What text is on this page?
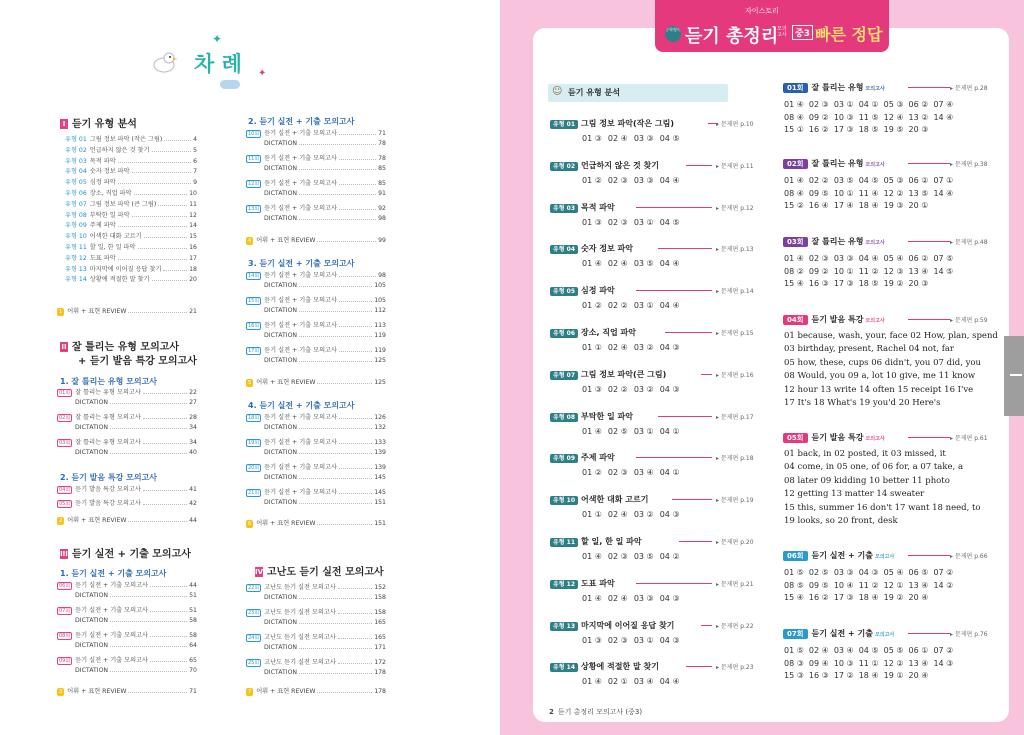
✦
✦
차 례
I 듣기 유형 분석
II 잘 틀리는 유형 모의고사
+ 듣기 발음 특강 모의고사
1. 잘 틀리는 유형 모의고사
2. 듣기 발음 특강 모의고사
III 듣기 실전 + 기출 모의고사
1. 듣기 실전 + 기출 모의고사
2. 듣기 실전 + 기출 모의고사
3. 듣기 실전 + 기출 모의고사
4. 듣기 실전 + 기출 모의고사
IV 고난도 듣기 실전 모의고사
유형 01 그림 정보 파악 (작은 그림)	4
유형 02 언급하지 않은 것 찾기	5
유형 03 목적 파악	6
유형 04 숫자 정보 파악	7
유형 05 심정 파악	9
유형 06 장소, 직업 파악	10
유형 07 그림 정보 파악 (큰 그림)	11
유형 08 부탁한 일 파악	12
유형 09 주제 파악	14
유형 10 어색한 대화 고르기	15
유형 11 할 일, 한 일 파악	16
유형 12 도표 파악	17
유형 13 마지막에 이어질 응답 찾기	18
유형 14 상황에 적절한 말 찾기	20
1 어휘 + 표현 REVIEW	21
01회 잘 틀리는 유형 모의고사	22
DICTATION	27
02회 잘 틀리는 유형 모의고사	28
DICTATION	34
03회 잘 틀리는 유형 모의고사	34
DICTATION	40
04회 듣기 발음 특강 모의고사	41
05회 듣기 발음 특강 모의고사	42
2 어휘 + 표현 REVIEW	44
06회 듣기 실전 + 기출 모의고사	44
DICTATION	51
07회 듣기 실전 + 기출 모의고사	51
DICTATION	58
08회 듣기 실전 + 기출 모의고사	58
DICTATION	64
09회 듣기 실전 + 기출 모의고사	65
DICTATION	70
3 어휘 + 표현 REVIEW	71
10회 듣기 실전 + 기출 모의고사	71
DICTATION	78
11회 듣기 실전 + 기출 모의고사	78
DICTATION	85
12회 듣기 실전 + 기출 모의고사	85
DICTATION	91
13회 듣기 실전 + 기출 모의고사	92
DICTATION	98
4 어휘 + 표현 REVIEW	99
14회 듣기 실전 + 기출 모의고사	98
DICTATION	105
15회 듣기 실전 + 기출 모의고사	105
DICTATION	112
16회 듣기 실전 + 기출 모의고사	113
DICTATION	119
17회 듣기 실전 + 기출 모의고사	119
DICTATION	125
5 어휘 + 표현 REVIEW	125
18회 듣기 실전 + 기출 모의고사	126
DICTATION	132
19회 듣기 실전 + 기출 모의고사	133
DICTATION	139
20회 듣기 실전 + 기출 모의고사	139
DICTATION	145
21회 듣기 실전 + 기출 모의고사	145
DICTATION	151
6 어휘 + 표현 REVIEW	151
22회 고난도 듣기 실전 모의고사	152
DICTATION	158
23회 고난도 듣기 실전 모의고사	158
DICTATION	165
24회 고난도 듣기 실전 모의고사	165
DICTATION	171
25회 고난도 듣기 실전 모의고사	172
DICTATION	178
7 어휘 + 표현 REVIEW	178
자이스토리
중학영어 듣기 총정리
모의고사 중3 빠른 정답
☺ 듣기 유형 분석
유형 01 그림 정보 파악(작은 그림)	▸ 문제편 p.10
01 ③ 02 ④ 03 ③ 04 ⑤
유형 02 언급하지 않은 것 찾기	▸ 문제편 p.11
01 ② 02 ③ 03 ③ 04 ④
유형 03 목적 파악	▸ 문제편 p.12
01 ③ 02 ③ 03 ① 04 ⑤
유형 04 숫자 정보 파악	▸ 문제편 p.13
01 ④ 02 ④ 03 ⑤ 04 ④
유형 05 심정 파악	▸ 문제편 p.14
01 ② 02 ② 03 ① 04 ④
유형 06 장소, 직업 파악	▸ 문제편 p.15
01 ① 02 ④ 03 ② 04 ③
유형 07 그림 정보 파악(큰 그림)	▸ 문제편 p.16
01 ③ 02 ② 03 ② 04 ③
유형 08 부탁한 일 파악	▸ 문제편 p.17
01 ④ 02 ⑤ 03 ① 04 ①
유형 09 주제 파악	▸ 문제편 p.18
01 ② 02 ③ 03 ④ 04 ①
유형 10 어색한 대화 고르기	▸ 문제편 p.19
01 ① 02 ④ 03 ② 04 ③
유형 11 할 일, 한 일 파악	▸ 문제편 p.20
01 ④ 02 ③ 03 ⑤ 04 ②
유형 12 도표 파악	▸ 문제편 p.21
01 ④ 02 ④ 03 ③ 04 ③
유형 13 마지막에 이어질 응답 찾기	▸ 문제편 p.22
01 ③ 02 ③ 03 ① 04 ③
유형 14 상황에 적절한 말 찾기	▸ 문제편 p.23
01 ④ 02 ① 03 ④ 04 ④
01회 잘 틀리는 유형 모의고사	▸ 문제편 p.28
01 ④ 02 ③ 03 ① 04 ① 05 ③ 06 ② 07 ④
08 ④ 09 ② 10 ③ 11 ⑤ 12 ④ 13 ② 14 ④
15 ① 16 ② 17 ③ 18 ⑤ 19 ⑤ 20 ③
02회 잘 틀리는 유형 모의고사	▸ 문제편 p.38
01 ④ 02 ② 03 ⑤ 04 ⑤ 05 ③ 06 ② 07 ①
08 ④ 09 ⑤ 10 ① 11 ④ 12 ② 13 ⑤ 14 ④
15 ② 16 ④ 17 ④ 18 ④ 19 ③ 20 ①
03회 잘 틀리는 유형 모의고사	▸ 문제편 p.48
01 ④ 02 ③ 03 ③ 04 ④ 05 ④ 06 ② 07 ⑤
08 ② 09 ② 10 ① 11 ② 12 ③ 13 ④ 14 ⑤
15 ④ 16 ③ 17 ③ 18 ⑤ 19 ② 20 ③
04회 듣기 발음 특강 모의고사	▸ 문제편 p.59
01 because, wash, your, face 02 How, plan, spend
03 birthday, present, Rachel 04 not, far
05 how, these, cups 06 didn't, you 07 did, you
08 Would, you 09 a, lot 10 give, me 11 know
12 hour 13 write 14 often 15 receipt 16 I've
17 It's 18 What's 19 you'd 20 Here's
05회 듣기 발음 특강 모의고사	▸ 문제편 p.61
01 back, in 02 posted, it 03 missed, it
04 come, in 05 one, of 06 for, a 07 take, a
08 later 09 kidding 10 better 11 photo
12 getting 13 matter 14 sweater
15 this, summer 16 don't 17 want 18 need, to
19 looks, so 20 front, desk
06회 듣기 실전 + 기출 모의고사	▸ 문제편 p.66
01 ⑤ 02 ⑤ 03 ③ 04 ③ 05 ④ 06 ⑤ 07 ②
08 ⑤ 09 ⑤ 10 ④ 11 ② 12 ① 13 ④ 14 ②
15 ④ 16 ② 17 ③ 18 ④ 19 ② 20 ④
07회 듣기 실전 + 기출 모의고사	▸ 문제편 p.76
01 ⑤ 02 ④ 03 ④ 04 ⑤ 05 ⑤ 06 ① 07 ②
08 ③ 09 ④ 10 ③ 11 ① 12 ② 13 ④ 14 ③
15 ③ 16 ③ 17 ② 18 ④ 19 ① 20 ④
2 듣기 총정리 모의고사 (중3)
